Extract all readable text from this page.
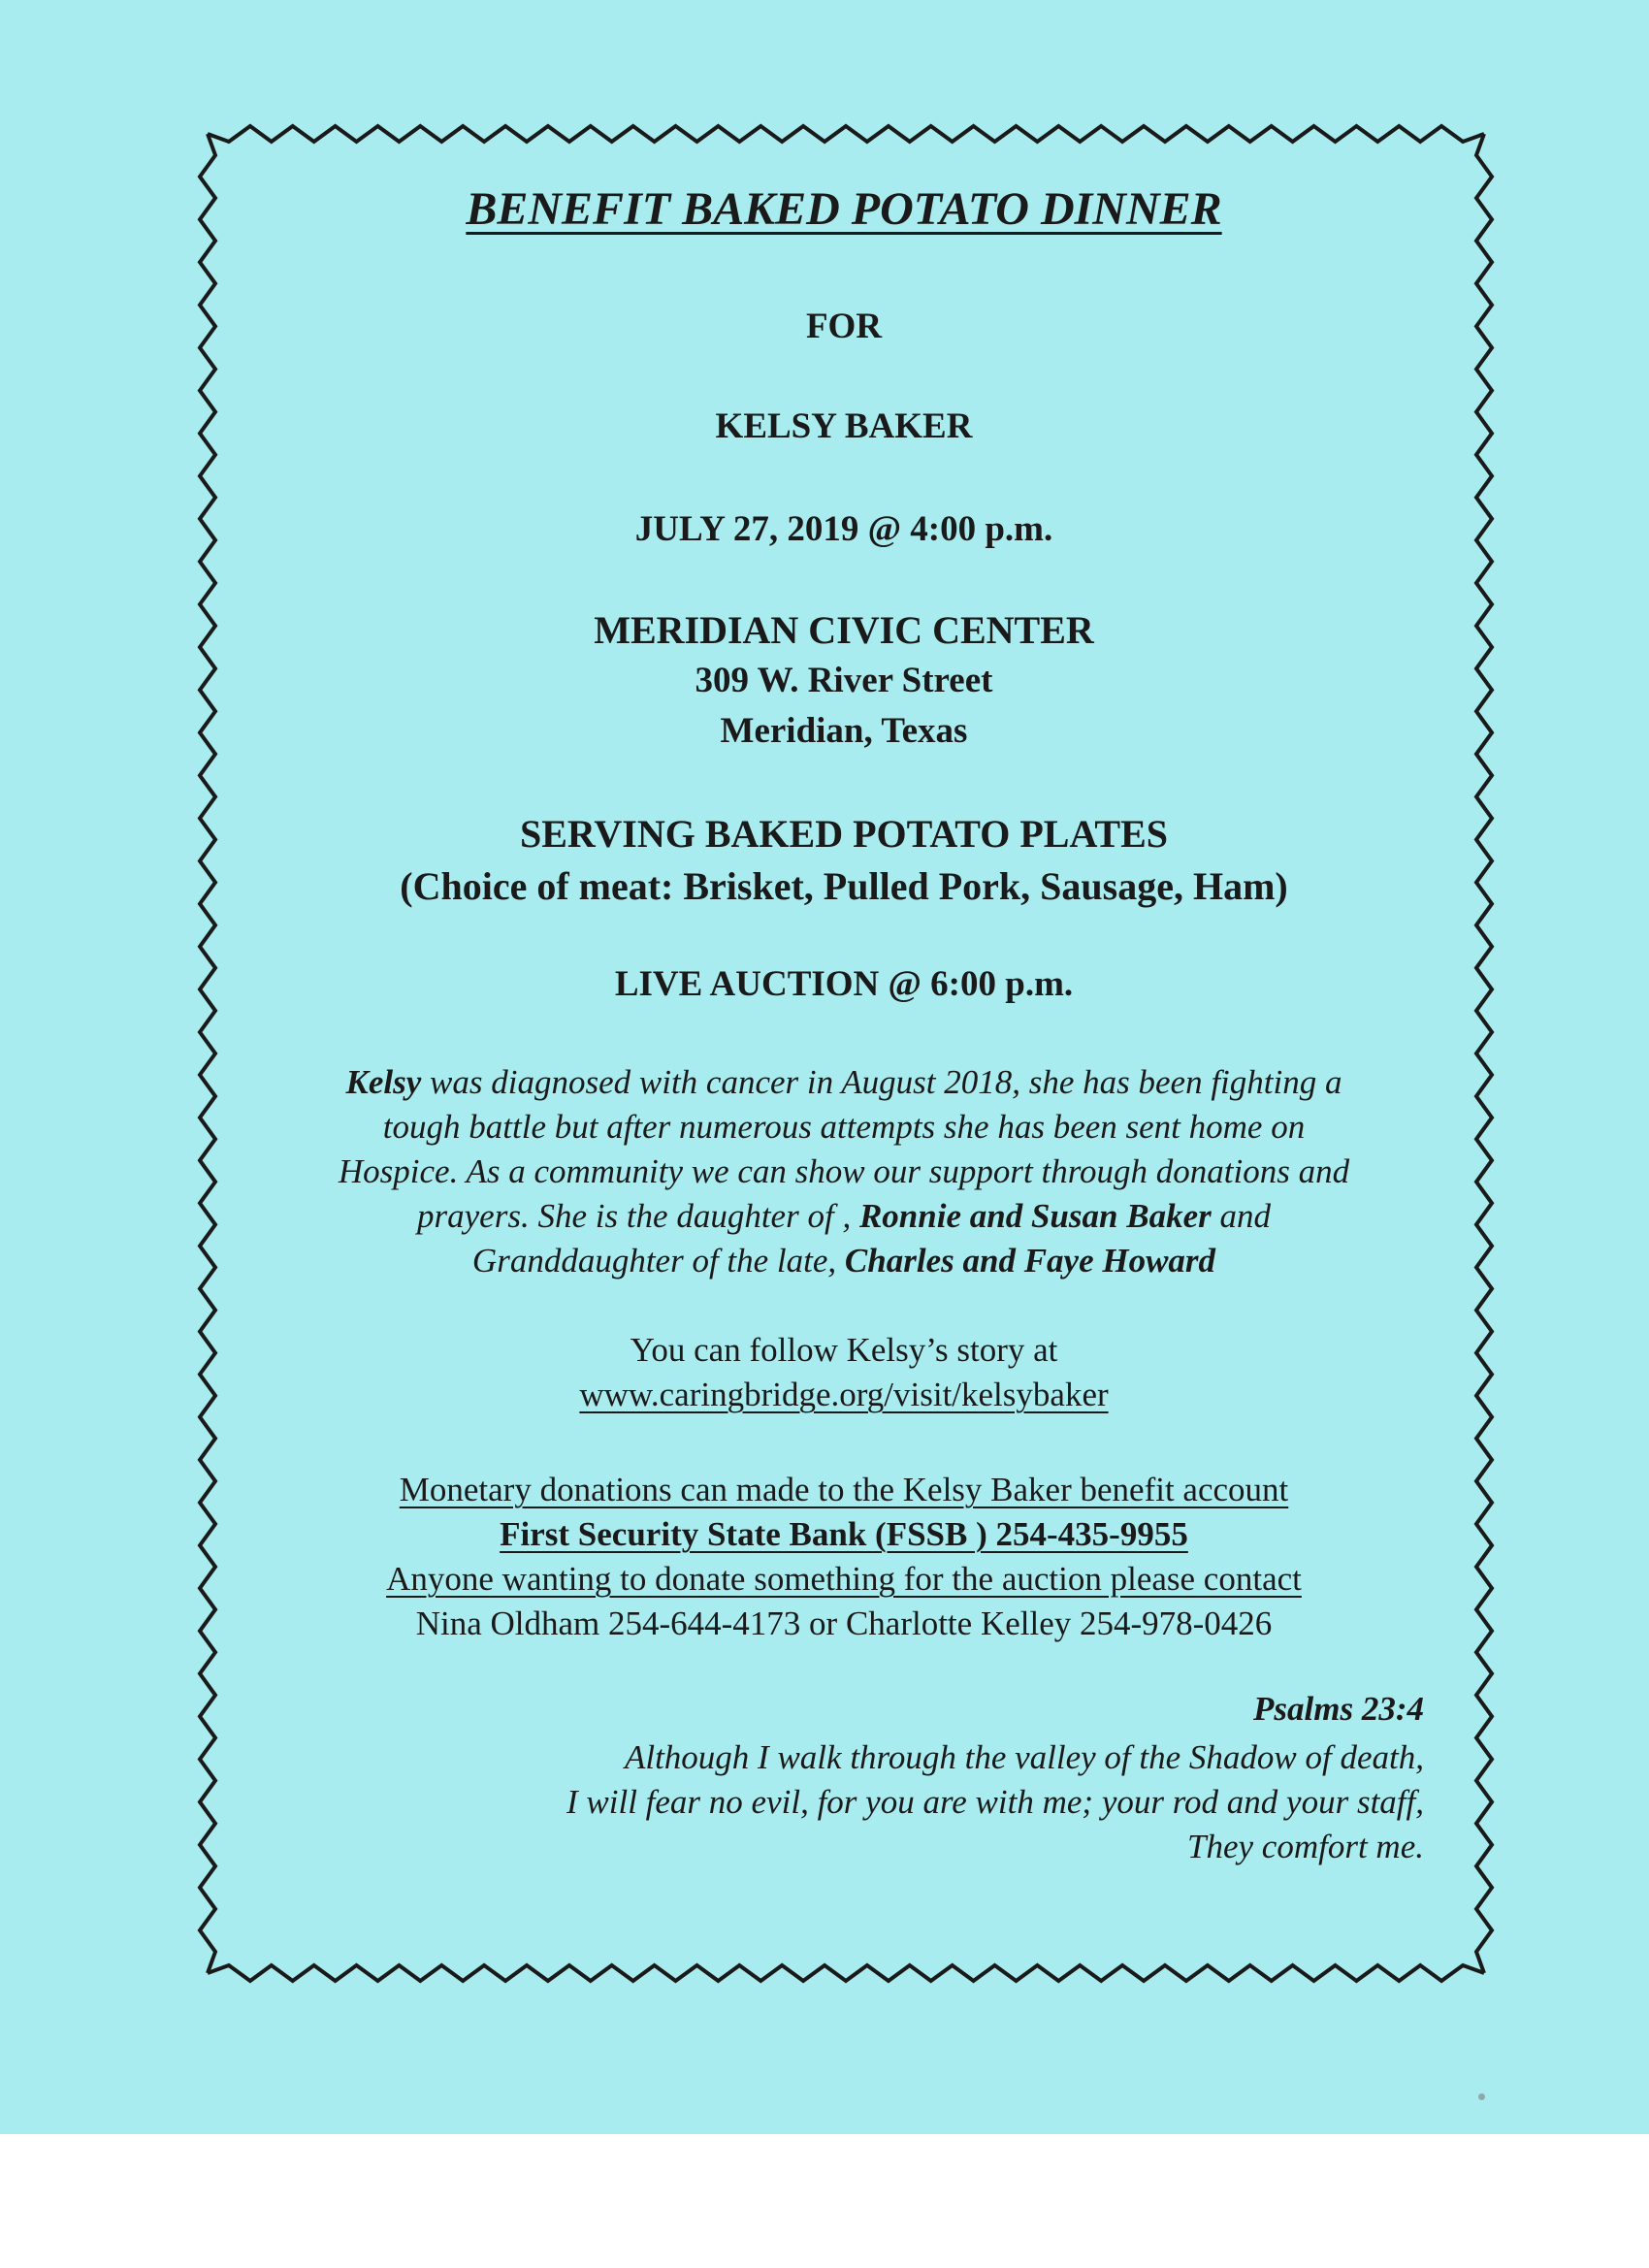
BENEFIT BAKED POTATO DINNER
FOR
KELSY BAKER
JULY 27, 2019 @ 4:00 p.m.
MERIDIAN CIVIC CENTER
309 W. River Street
Meridian, Texas
SERVING BAKED POTATO PLATES
(Choice of meat: Brisket, Pulled Pork, Sausage, Ham)
LIVE AUCTION @ 6:00 p.m.
Kelsy was diagnosed with cancer in August 2018, she has been fighting a
tough battle but after numerous attempts she has been sent home on
Hospice. As a community we can show our support through donations and
prayers. She is the daughter of , Ronnie and Susan Baker and
Granddaughter of the late, Charles and Faye Howard
You can follow Kelsy’s story at
www.caringbridge.org/visit/kelsybaker
Monetary donations can made to the Kelsy Baker benefit account
First Security State Bank (FSSB ) 254-435-9955
Anyone wanting to donate something for the auction please contact
Nina Oldham 254-644-4173 or Charlotte Kelley 254-978-0426
Psalms 23:4
Although I walk through the valley of the Shadow of death,
I will fear no evil, for you are with me; your rod and your staff,
They comfort me.
